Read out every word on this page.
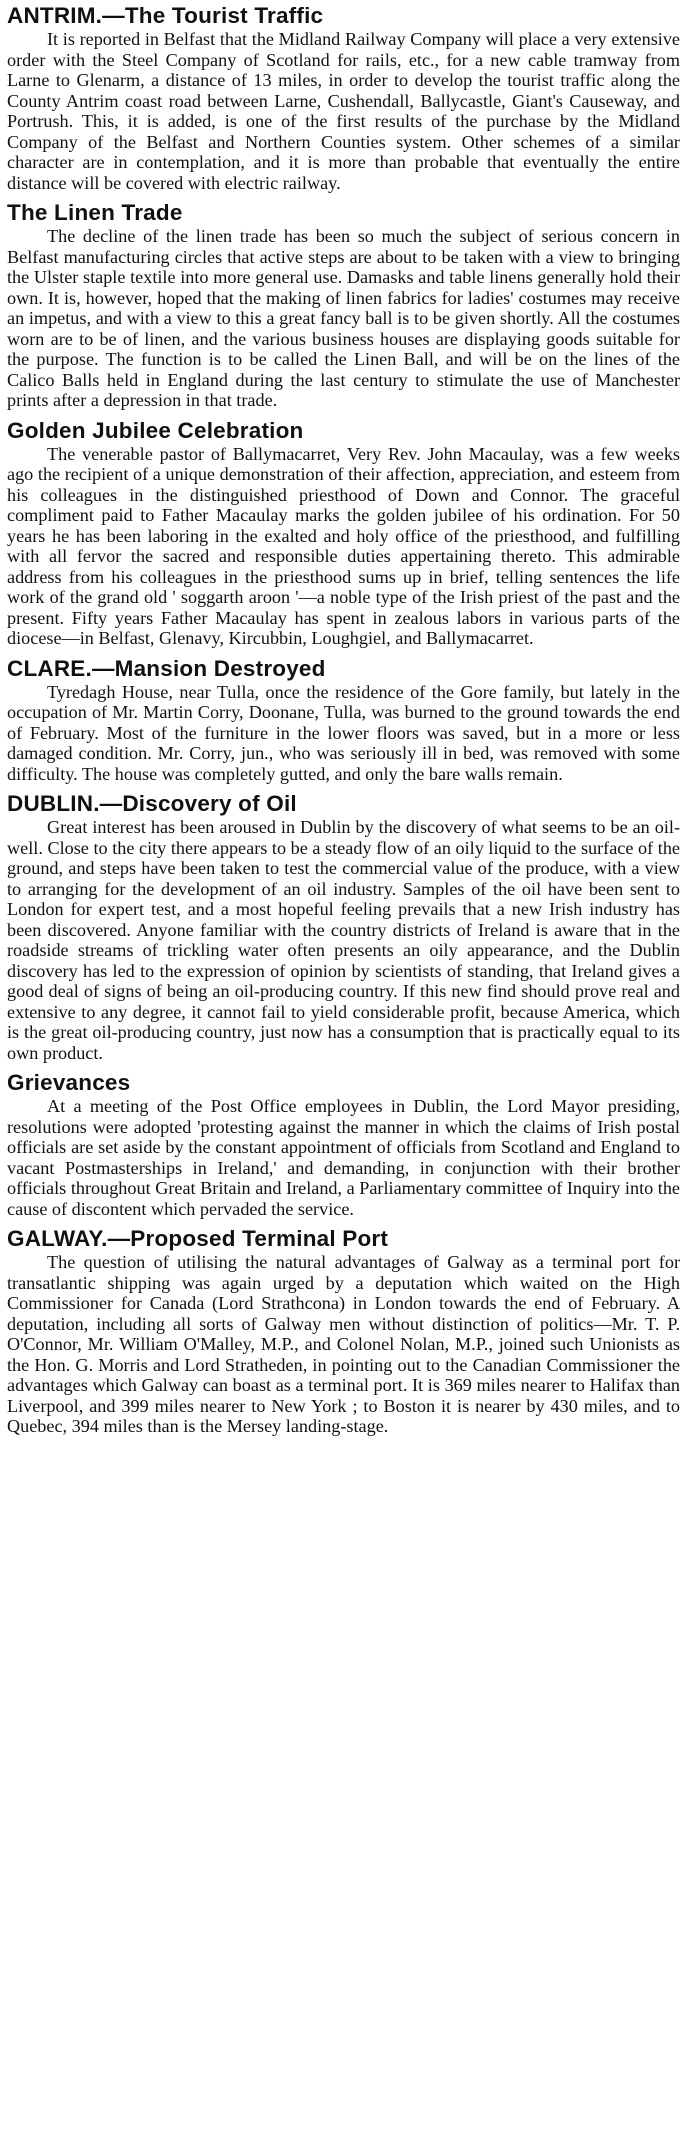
ANTRIM.—The Tourist Traffic

It is reported in Belfast that the Midland Railway Company will place a very extensive order with the Steel Company of Scotland for rails, etc., for a new cable tramway from Larne to Glenarm, a distance of 13 miles, in order to develop the tourist traffic along the County Antrim coast road between Larne, Cushendall, Ballycastle, Giant's Causeway, and Portrush. This, it is added, is one of the first results of the purchase by the Midland Company of the Belfast and Northern Counties system. Other schemes of a similar character are in contemplation, and it is more than probable that eventually the entire distance will be covered with electric railway.

The Linen Trade

The decline of the linen trade has been so much the subject of serious concern in Belfast manufacturing circles that active steps are about to be taken with a view to bringing the Ulster staple textile into more general use. Damasks and table linens generally hold their own. It is, however, hoped that the making of linen fabrics for ladies' costumes may receive an impetus, and with a view to this a great fancy ball is to be given shortly. All the costumes worn are to be of linen, and the various business houses are displaying goods suitable for the purpose. The function is to be called the Linen Ball, and will be on the lines of the Calico Balls held in England during the last century to stimulate the use of Manchester prints after a depression in that trade.

Golden Jubilee Celebration

The venerable pastor of Ballymacarret, Very Rev. John Macaulay, was a few weeks ago the recipient of a unique demonstration of their affection, appreciation, and esteem from his colleagues in the distinguished priesthood of Down and Connor. The graceful compliment paid to Father Macaulay marks the golden jubilee of his ordination. For 50 years he has been laboring in the exalted and holy office of the priesthood, and fulfilling with all fervor the sacred and responsible duties appertaining thereto. This admirable address from his colleagues in the priesthood sums up in brief, telling sentences the life work of the grand old ' soggarth aroon '—a noble type of the Irish priest of the past and the present. Fifty years Father Macaulay has spent in zealous labors in various parts of the diocese—in Belfast, Glenavy, Kircubbin, Loughgiel, and Ballymacarret.

CLARE.—Mansion Destroyed

Tyredagh House, near Tulla, once the residence of the Gore family, but lately in the occupation of Mr. Martin Corry, Doonane, Tulla, was burned to the ground towards the end of February. Most of the furniture in the lower floors was saved, but in a more or less damaged condition. Mr. Corry, jun., who was seriously ill in bed, was removed with some difficulty. The house was completely gutted, and only the bare walls remain.

DUBLIN.—Discovery of Oil

Great interest has been aroused in Dublin by the discovery of what seems to be an oil-well. Close to the city there appears to be a steady flow of an oily liquid to the surface of the ground, and steps have been taken to test the commercial value of the produce, with a view to arranging for the development of an oil industry. Samples of the oil have been sent to London for expert test, and a most hopeful feeling prevails that a new Irish industry has been discovered. Anyone familiar with the country districts of Ireland is aware that in the roadside streams of trickling water often presents an oily appearance, and the Dublin discovery has led to the expression of opinion by scientists of standing, that Ireland gives a good deal of signs of being an oil-producing country. If this new find should prove real and extensive to any degree, it cannot fail to yield considerable profit, because America, which is the great oil-producing country, just now has a consumption that is practically equal to its own product.

Grievances

At a meeting of the Post Office employees in Dublin, the Lord Mayor presiding, resolutions were adopted 'protesting against the manner in which the claims of Irish postal officials are set aside by the constant appointment of officials from Scotland and England to vacant Postmasterships in Ireland,' and demanding, in conjunction with their brother officials throughout Great Britain and Ireland, a Parliamentary committee of Inquiry into the cause of discontent which pervaded the service.

GALWAY.—Proposed Terminal Port

The question of utilising the natural advantages of Galway as a terminal port for transatlantic shipping was again urged by a deputation which waited on the High Commissioner for Canada (Lord Strathcona) in London towards the end of February. A deputation, including all sorts of Galway men without distinction of politics—Mr. T. P. O'Connor, Mr. William O'Malley, M.P., and Colonel Nolan, M.P., joined such Unionists as the Hon. G. Morris and Lord Stratheden, in pointing out to the Canadian Commissioner the advantages which Galway can boast as a terminal port. It is 369 miles nearer to Halifax than Liverpool, and 399 miles nearer to New York ; to Boston it is nearer by 430 miles, and to Quebec, 394 miles than is the Mersey landing-stage.
